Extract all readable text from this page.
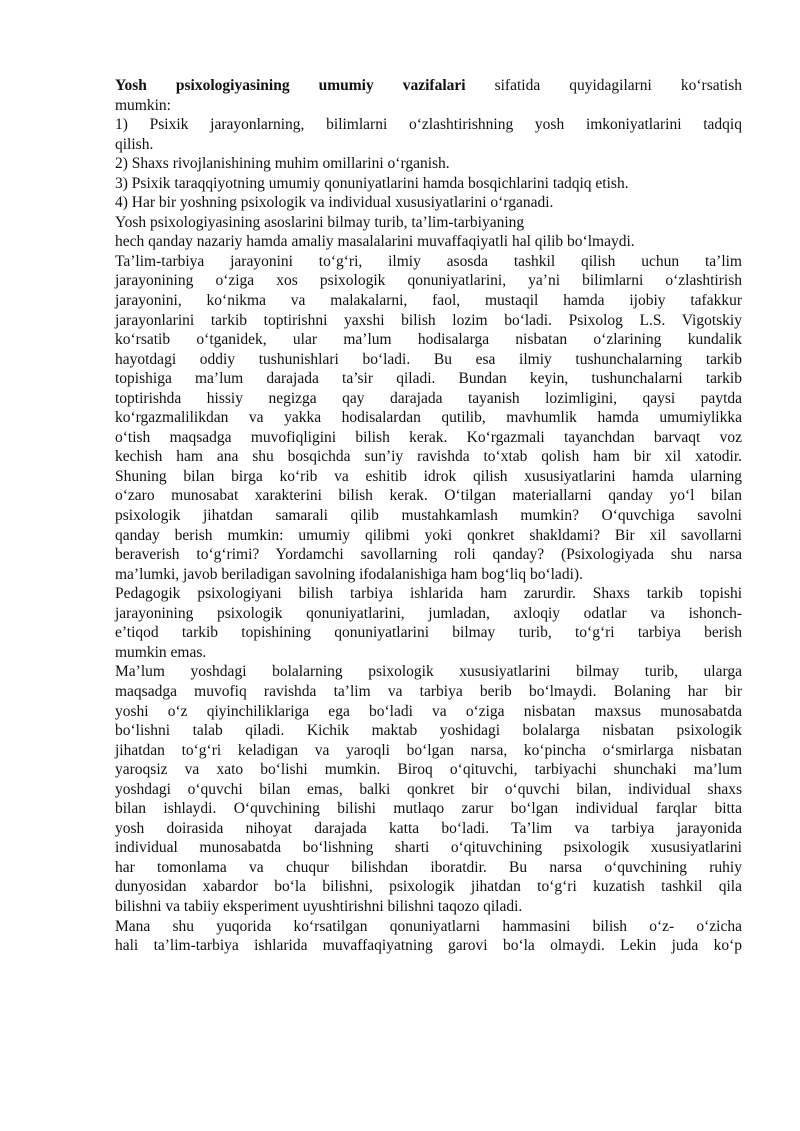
Yosh psixologiyasining umumiy vazifalari sifatida quyidagilarni ko‘rsatish
mumkin:
1) Psixik jarayonlarning, bilimlarni o‘zlashtirishning yosh imkoniyatlarini tadqiq
qilish.
2) Shaxs rivojlanishining muhim omillarini o‘rganish.
3) Psixik taraqqiyotning umumiy qonuniyatlarini hamda bosqichlarini tadqiq etish.
4) Har bir yoshning psixologik va individual xususiyatlarini o‘rganadi.
Yosh psixologiyasining asoslarini bilmay turib, ta’lim-tarbiyaning
hech qanday nazariy hamda amaliy masalalarini muvaffaqiyatli hal qilib bo‘lmaydi.
Ta’lim-tarbiya jarayonini to‘g‘ri, ilmiy asosda tashkil qilish uchun ta’lim
jarayonining o‘ziga xos psixologik qonuniyatlarini, ya’ni bilimlarni o‘zlashtirish
jarayonini, ko‘nikma va malakalarni, faol, mustaqil hamda ijobiy tafakkur
jarayonlarini tarkib toptirishni yaxshi bilish lozim bo‘ladi. Psixolog L.S. Vigotskiy
ko‘rsatib o‘tganidek, ular ma’lum hodisalarga nisbatan o‘zlarining kundalik
hayotdagi oddiy tushunishlari bo‘ladi. Bu esa ilmiy tushunchalarning tarkib
topishiga ma’lum darajada ta’sir qiladi. Bundan keyin, tushunchalarni tarkib
toptirishda hissiy negizga qay darajada tayanish lozimligini, qaysi paytda
ko‘rgazmalilikdan va yakka hodisalardan qutilib, mavhumlik hamda umumiylikka
o‘tish maqsadga muvofiqligini bilish kerak. Ko‘rgazmali tayanchdan barvaqt voz
kechish ham ana shu bosqichda sun’iy ravishda to‘xtab qolish ham bir xil xatodir.
Shuning bilan birga ko‘rib va eshitib idrok qilish xususiyatlarini hamda ularning
o‘zaro munosabat xarakterini bilish kerak. O‘tilgan materiallarni qanday yo‘l bilan
psixologik jihatdan samarali qilib mustahkamlash mumkin? O‘quvchiga savolni
qanday berish mumkin: umumiy qilibmi yoki qonkret shakldami? Bir xil savollarni
beraverish to‘g‘rimi? Yordamchi savollarning roli qanday? (Psixologiyada shu narsa
ma’lumki, javob beriladigan savolning ifodalanishiga ham bog‘liq bo‘ladi).
Pedagogik psixologiyani bilish tarbiya ishlarida ham zarurdir. Shaxs tarkib topishi
jarayonining psixologik qonuniyatlarini, jumladan, axloqiy odatlar va ishonch-
e’tiqod tarkib topishining qonuniyatlarini bilmay turib, to‘g‘ri tarbiya berish
mumkin emas.
Ma’lum yoshdagi bolalarning psixologik xususiyatlarini bilmay turib, ularga
maqsadga muvofiq ravishda ta’lim va tarbiya berib bo‘lmaydi. Bolaning har bir
yoshi o‘z qiyinchiliklariga ega bo‘ladi va o‘ziga nisbatan maxsus munosabatda
bo‘lishni talab qiladi. Kichik maktab yoshidagi bolalarga nisbatan psixologik
jihatdan to‘g‘ri keladigan va yaroqli bo‘lgan narsa, ko‘pincha o‘smirlarga nisbatan
yaroqsiz va xato bo‘lishi mumkin. Biroq o‘qituvchi, tarbiyachi shunchaki ma’lum
yoshdagi o‘quvchi bilan emas, balki qonkret bir o‘quvchi bilan, individual shaxs
bilan ishlaydi. O‘quvchining bilishi mutlaqo zarur bo‘lgan individual farqlar bitta
yosh doirasida nihoyat darajada katta bo‘ladi. Ta’lim va tarbiya jarayonida
individual munosabatda bo‘lishning sharti o‘qituvchining psixologik xususiyatlarini
har tomonlama va chuqur bilishdan iboratdir. Bu narsa o‘quvchining ruhiy
dunyosidan xabardor bo‘la bilishni, psixologik jihatdan to‘g‘ri kuzatish tashkil qila
bilishni va tabiiy eksperiment uyushtirishni bilishni taqozo qiladi.
Mana shu yuqorida ko‘rsatilgan qonuniyatlarni hammasini bilish o‘z- o‘zicha
hali ta’lim-tarbiya ishlarida muvaffaqiyatning garovi bo‘la olmaydi. Lekin juda ko‘p
